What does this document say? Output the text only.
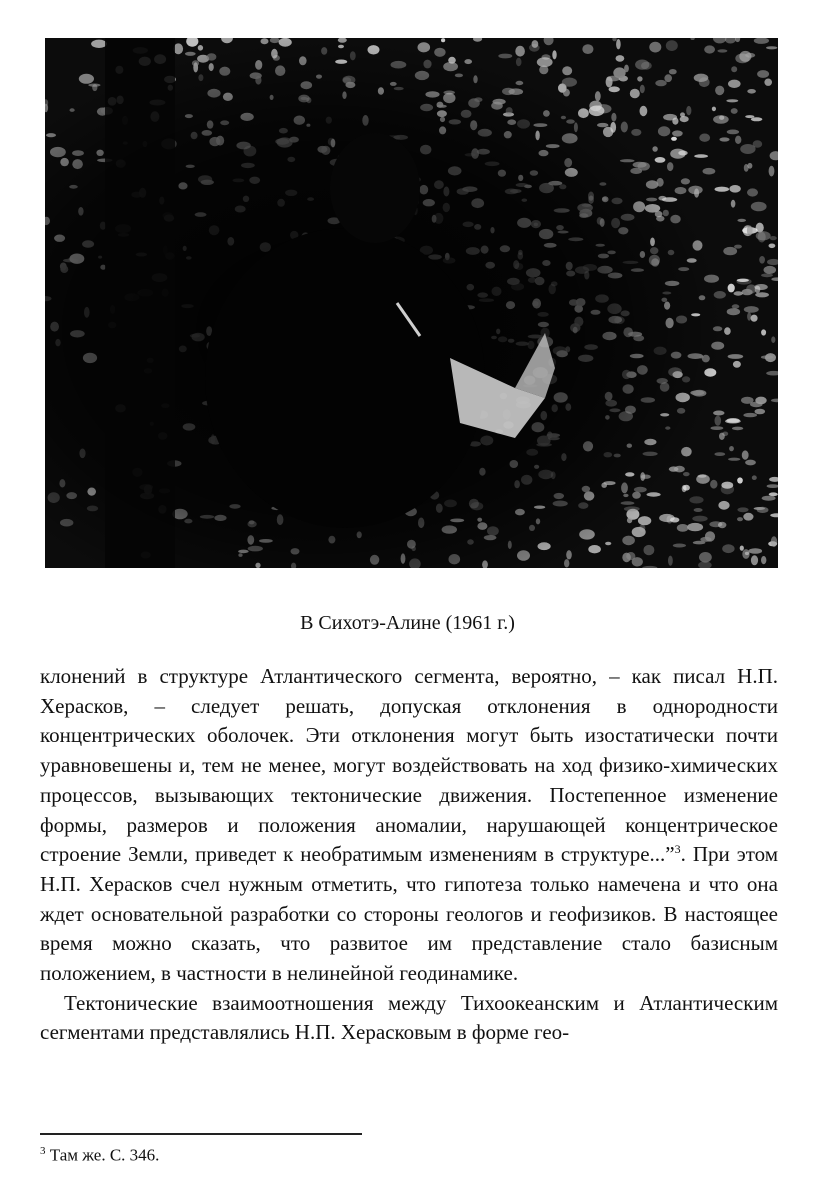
В Сихотэ-Алине (1961 г.)

клонений в структуре Атлантического сегмента, вероятно, – как писал Н.П. Херасков, – следует решать, допуская отклонения в однородности концентрических оболочек. Эти отклонения могут быть изостатически почти уравновешены и, тем не менее, могут воздействовать на ход физико-химических процессов, вызывающих тектонические движения. Постепенное изменение формы, размеров и положения аномалии, нарушающей концентрическое строение Земли, приведет к необратимым изменениям в структуре...”$^3$. При этом Н.П. Херасков счел нужным отметить, что гипотеза только намечена и что она ждет основательной разработки со стороны геологов и геофизиков. В настоящее время можно сказать, что развитое им представление стало базисным положением, в частности в нелинейной геодинамике.

Тектонические взаимоотношения между Тихоокеанским и Атлантическим сегментами представлялись Н.П. Херасковым в форме гео-

$^3$ Там же. С. 346.
